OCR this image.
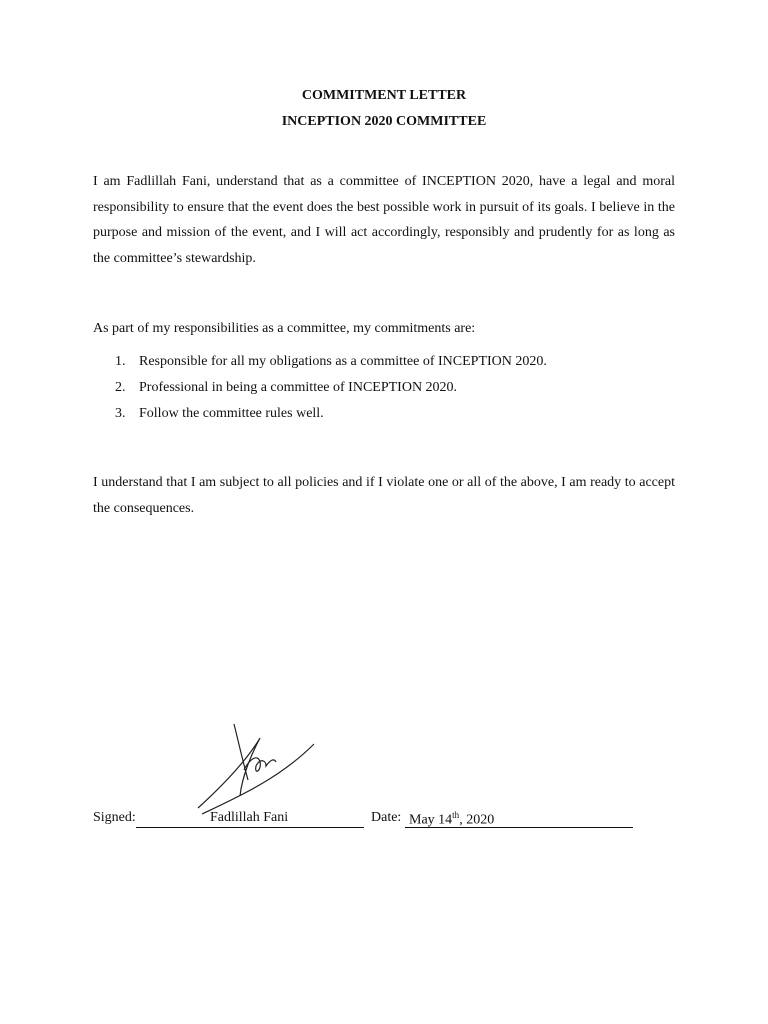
COMMITMENT LETTER
INCEPTION 2020 COMMITTEE

I am Fadlillah Fani, understand that as a committee of INCEPTION 2020, have a legal and moral responsibility to ensure that the event does the best possible work in pursuit of its goals. I believe in the purpose and mission of the event, and I will act accordingly, responsibly and prudently for as long as the committee’s stewardship.

As part of my responsibilities as a committee, my commitments are:

1. Responsible for all my obligations as a committee of INCEPTION 2020.
2. Professional in being a committee of INCEPTION 2020.
3. Follow the committee rules well.

I understand that I am subject to all policies and if I violate one or all of the above, I am ready to accept the consequences.

Signed:	Fadlillah Fani	Date: May 14th, 2020
